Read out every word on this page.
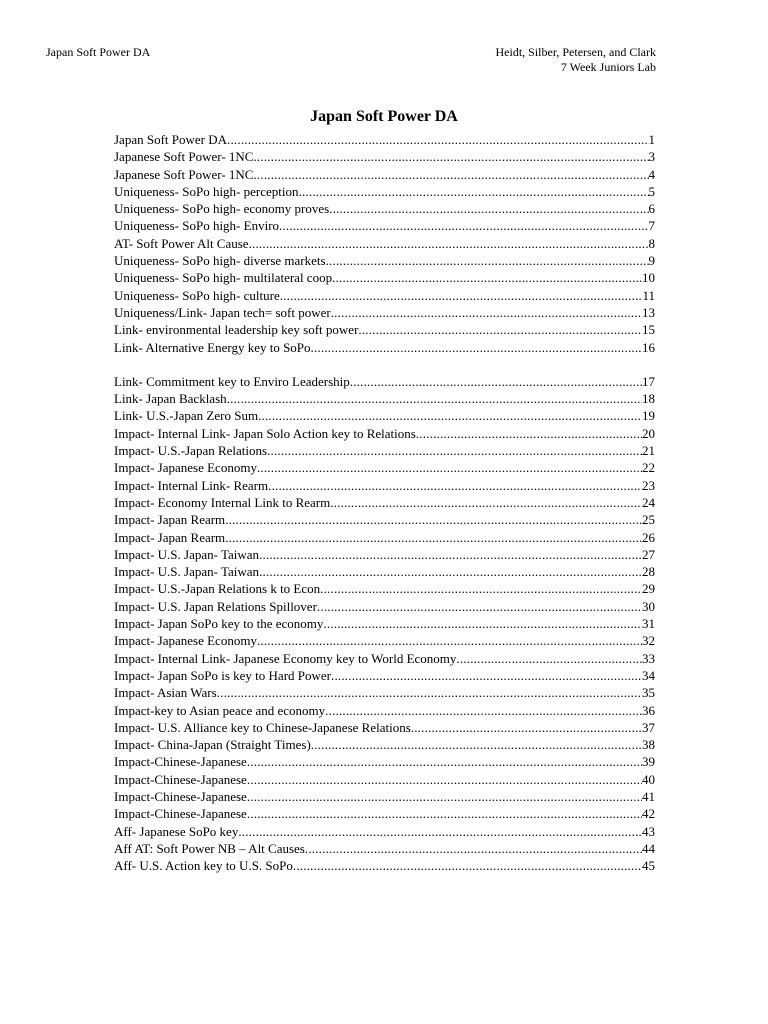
Japan Soft Power DA	Heidt, Silber, Petersen, and Clark
7 Week Juniors Lab
Japan Soft Power DA
Japan Soft Power DA .....	1
Japanese Soft Power- 1NC .....	3
Japanese Soft Power- 1NC .....	4
Uniqueness- SoPo high- perception .....	5
Uniqueness- SoPo high- economy proves .....	6
Uniqueness- SoPo high- Enviro .....	7
AT- Soft Power Alt Cause .....	8
Uniqueness- SoPo high- diverse markets .....	9
Uniqueness- SoPo high- multilateral coop .....	10
Uniqueness- SoPo high- culture .....	11
Uniqueness/Link- Japan tech= soft power .....	13
Link- environmental leadership key soft power .....	15
Link- Alternative Energy key to SoPo .....	16
Link- Commitment key to Enviro Leadership .....	17
Link- Japan Backlash .....	18
Link- U.S.-Japan Zero Sum .....	19
Impact- Internal Link- Japan Solo Action key to Relations .....	20
Impact- U.S.-Japan Relations .....	21
Impact- Japanese Economy .....	22
Impact- Internal Link- Rearm .....	23
Impact- Economy Internal Link to Rearm .....	24
Impact- Japan Rearm .....	25
Impact- Japan Rearm .....	26
Impact- U.S. Japan- Taiwan .....	27
Impact- U.S. Japan- Taiwan .....	28
Impact- U.S.-Japan Relations k to Econ .....	29
Impact- U.S. Japan Relations Spillover .....	30
Impact- Japan SoPo key to the economy .....	31
Impact- Japanese Economy .....	32
Impact- Internal Link- Japanese Economy key to World Economy .....	33
Impact- Japan SoPo is key to Hard Power .....	34
Impact- Asian Wars .....	35
Impact-key to Asian peace and economy .....	36
Impact- U.S. Alliance key to Chinese-Japanese Relations .....	37
Impact- China-Japan (Straight Times) .....	38
Impact-Chinese-Japanese .....	39
Impact-Chinese-Japanese .....	40
Impact-Chinese-Japanese .....	41
Impact-Chinese-Japanese .....	42
Aff- Japanese SoPo key .....	43
Aff AT: Soft Power NB – Alt Causes .....	44
Aff- U.S. Action key to U.S. SoPo .....	45
